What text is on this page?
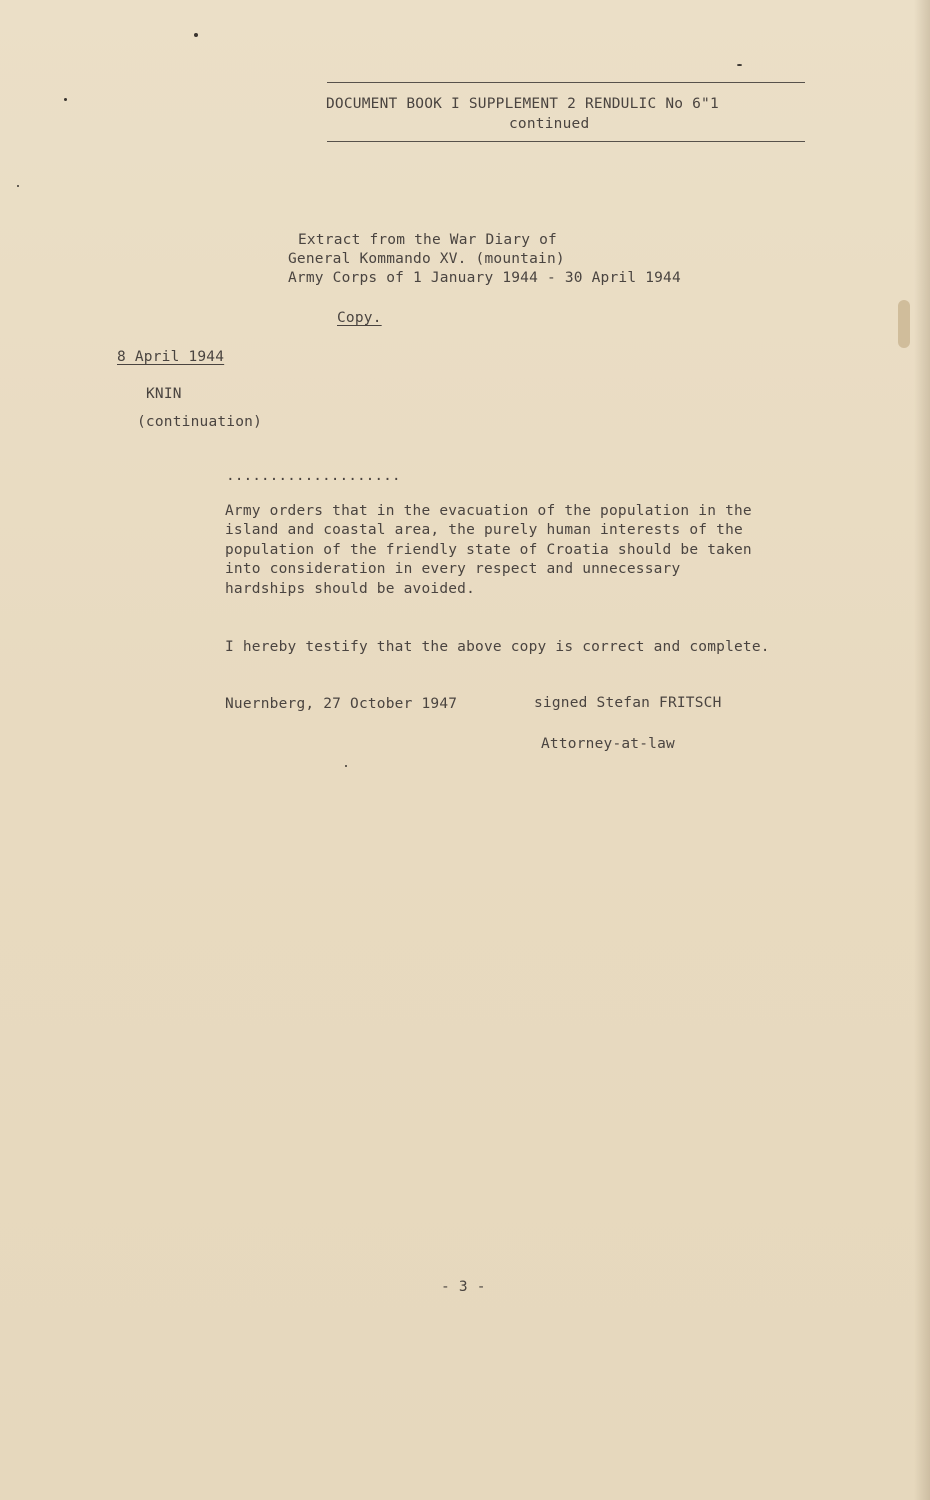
DOCUMENT BOOK I SUPPLEMENT 2 RENDULIC No 6"1
continued
Extract from the War Diary of
General Kommando XV. (mountain)
Army Corps of 1 January 1944 - 30 April 1944
Copy.
8 April 1944
KNIN
(continuation)
....................
Army orders that in the evacuation of the population in the
island and coastal area, the purely human interests of the
population of the friendly state of Croatia should be taken
into consideration in every respect and unnecessary
hardships should be avoided.
I hereby testify that the above copy is correct and complete.
Nuernberg, 27 October 1947	signed Stefan FRITSCH
Attorney-at-law
- 3 -
